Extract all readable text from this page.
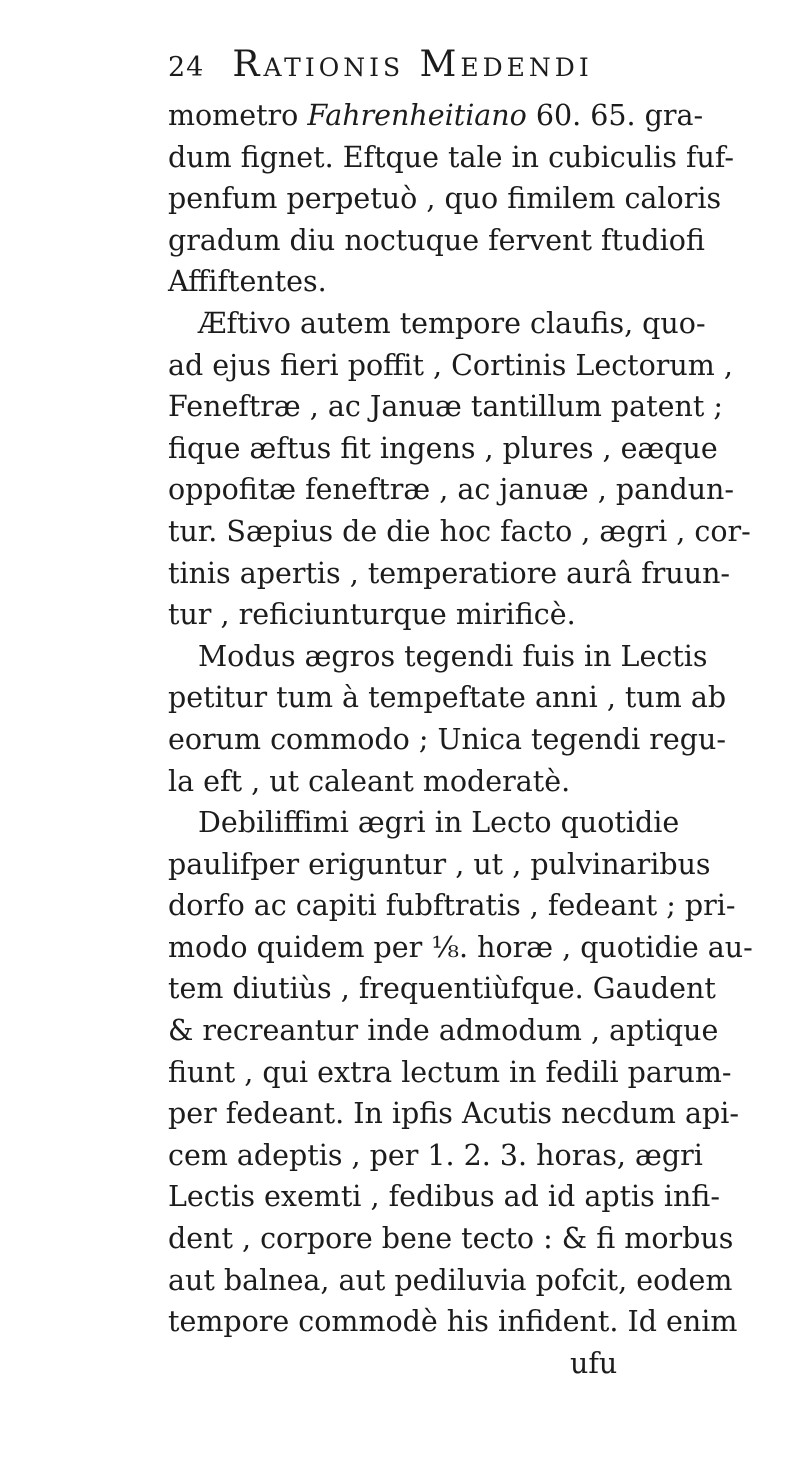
24 Rationis Medendi
mometro Fahrenheitiano 60. 65. gra-
dum fignet. Eftque tale in cubiculis fuf-
penfum perpetuò , quo fimilem caloris
gradum diu noctuque fervent ftudiofi
Affiftentes.
Æftivo autem tempore claufis, quo-
ad ejus fieri poffit , Cortinis Lectorum ,
Feneftræ , ac Januæ tantillum patent ;
fique æftus fit ingens , plures , eæque
oppofitæ feneftræ , ac januæ , pandun-
tur. Sæpius de die hoc facto , ægri , cor-
tinis apertis , temperatiore aurâ fruun-
tur , reficiunturque mirificè.
Modus ægros tegendi fuis in Lectis
petitur tum à tempeftate anni , tum ab
eorum commodo ; Unica tegendi regu-
la eft , ut caleant moderatè.
Debiliffimi ægri in Lecto quotidie
paulifper eriguntur , ut , pulvinaribus
dorfo ac capiti fubftratis , fedeant ; pri-
modo quidem per ⅛. horæ , quotidie au-
tem diutiùs , frequentiùfque. Gaudent
& recreantur inde admodum , aptique
fiunt , qui extra lectum in fedili parum-
per fedeant. In ipfis Acutis necdum api-
cem adeptis , per 1. 2. 3. horas, ægri
Lectis exemti , fedibus ad id aptis infi-
dent , corpore bene tecto : & fi morbus
aut balnea, aut pediluvia pofcit, eodem
tempore commodè his infident. Id enim
ufu
